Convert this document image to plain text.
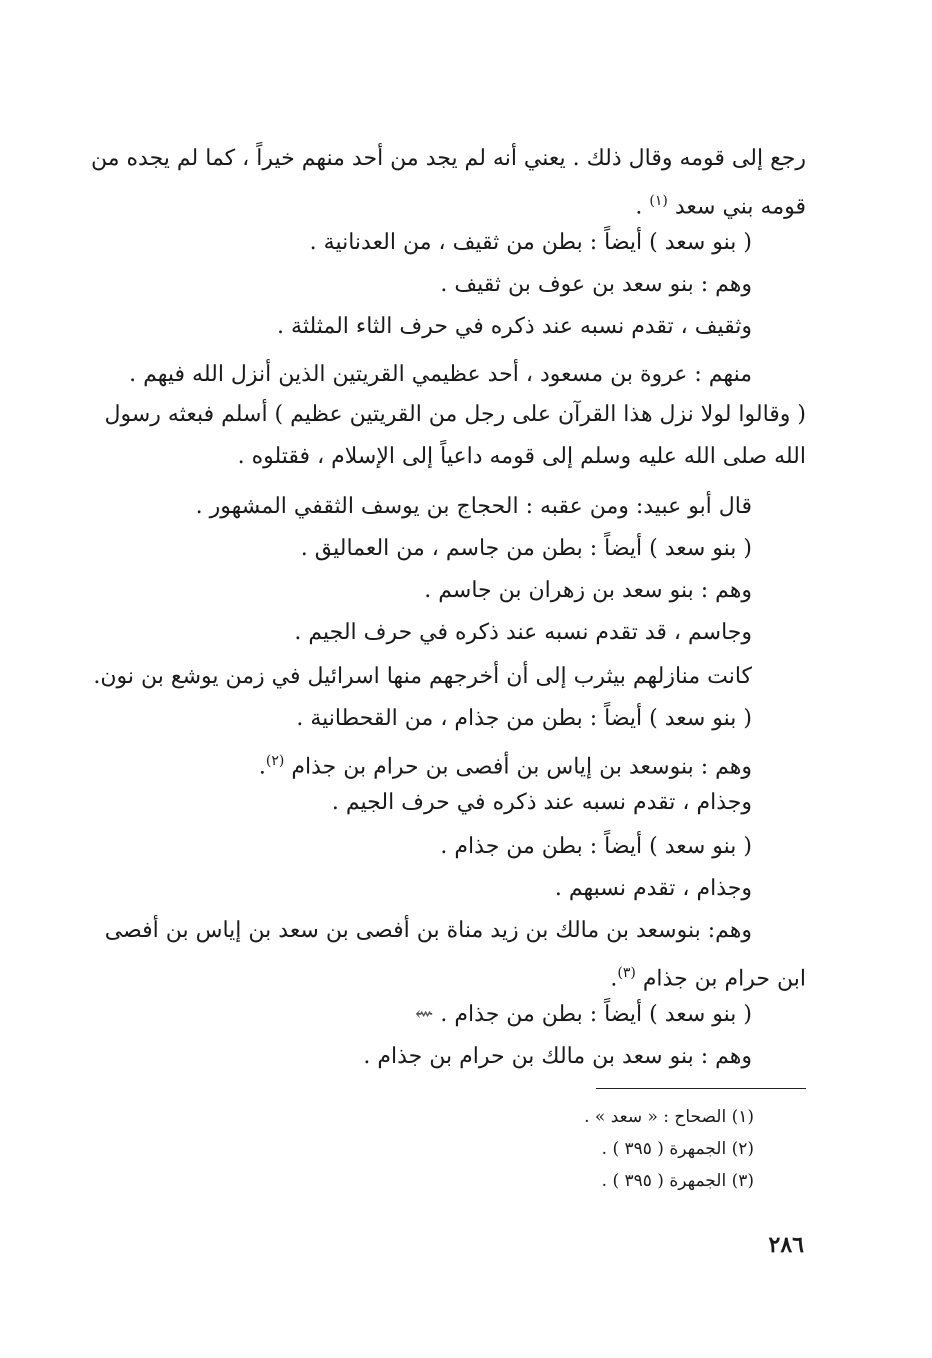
رجع إلى قومه وقال ذلك . يعني أنه لم يجد من أحد منهم خيراً ، كما لم يجده من
قومه بني سعد $^{(١)}$ .
( بنو سعد ) أيضاً : بطن من ثقيف ، من العدنانية .
وهم : بنو سعد بن عوف بن ثقيف .
وثقيف ، تقدم نسبه عند ذكره في حرف الثاء المثلثة .
منهم : عروة بن مسعود ، أحد عظيمي القريتين الذين أنزل الله فيهم .
( وقالوا لولا نزل هذا القرآن على رجل من القريتين عظيم ) أسلم فبعثه رسول
الله صلى الله عليه وسلم إلى قومه داعياً إلى الإسلام ، فقتلوه .
قال أبو عبيد: ومن عقبه : الحجاج بن يوسف الثقفي المشهور .
( بنو سعد ) أيضاً : بطن من جاسم ، من العماليق .
وهم : بنو سعد بن زهران بن جاسم .
وجاسم ، قد تقدم نسبه عند ذكره في حرف الجيم .
كانت منازلهم بيثرب إلى أن أخرجهم منها اسرائيل في زمن يوشع بن نون.
( بنو سعد ) أيضاً : بطن من جذام ، من القحطانية .
وهم : بنوسعد بن إياس بن أفصى بن حرام بن جذام $^{(٢)}$.
وجذام ، تقدم نسبه عند ذكره في حرف الجيم .
( بنو سعد ) أيضاً : بطن من جذام .
وجذام ، تقدم نسبهم .
وهم: بنوسعد بن مالك بن زيد مناة بن أفصى بن سعد بن إياس بن أفصى
ابن حرام بن جذام $^{(٣)}$.
( بنو سعد ) أيضاً : بطن من جذام . ⇜
وهم : بنو سعد بن مالك بن حرام بن جذام .
(١) الصحاح : « سعد » .
(٢) الجمهرة ( ٣٩٥ ) .
(٣) الجمهرة ( ٣٩٥ ) .
٢٨٦
